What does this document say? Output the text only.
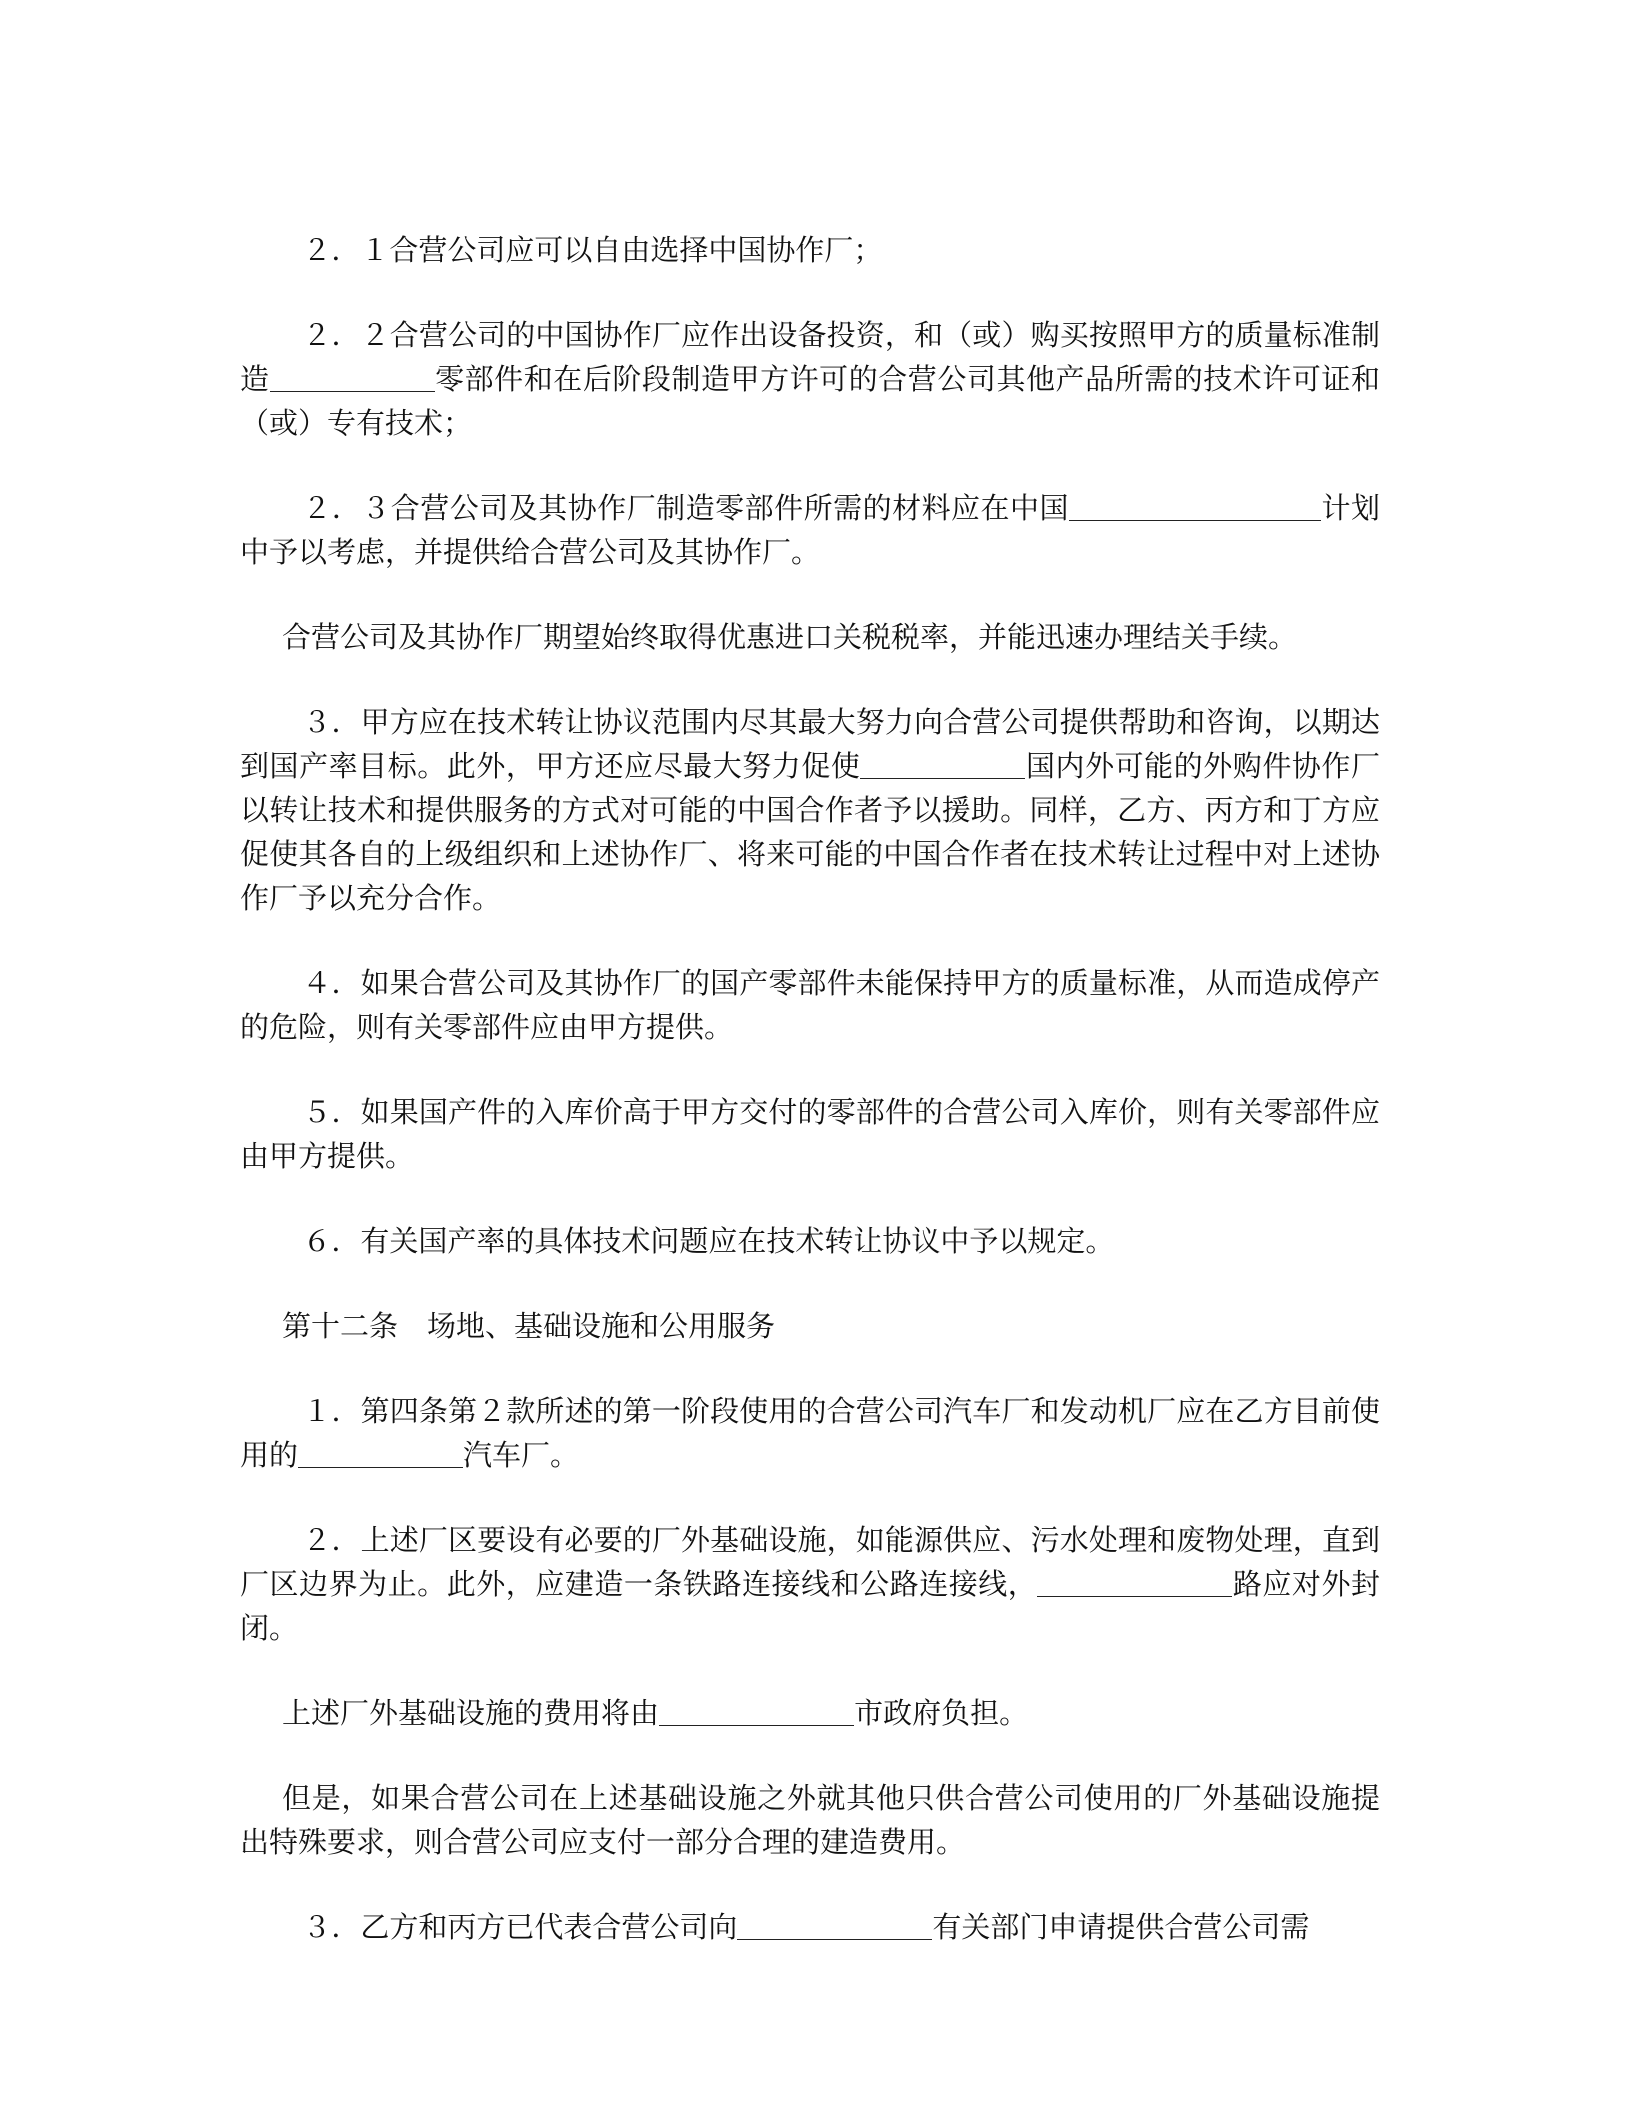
２．１合营公司应可以自由选择中国协作厂；

２．２合营公司的中国协作厂应作出设备投资，和（或）购买按照甲方的质量标准制造	零部件和在后阶段制造甲方许可的合营公司其他产品所需的技术许可证和（或）专有技术；

２．３合营公司及其协作厂制造零部件所需的材料应在中国	计划中予以考虑，并提供给合营公司及其协作厂。

合营公司及其协作厂期望始终取得优惠进口关税税率，并能迅速办理结关手续。

３．甲方应在技术转让协议范围内尽其最大努力向合营公司提供帮助和咨询，以期达到国产率目标。此外，甲方还应尽最大努力促使	国内外可能的外购件协作厂以转让技术和提供服务的方式对可能的中国合作者予以援助。同样，乙方、丙方和丁方应促使其各自的上级组织和上述协作厂、将来可能的中国合作者在技术转让过程中对上述协作厂予以充分合作。

４．如果合营公司及其协作厂的国产零部件未能保持甲方的质量标准，从而造成停产的危险，则有关零部件应由甲方提供。

５．如果国产件的入库价高于甲方交付的零部件的合营公司入库价，则有关零部件应由甲方提供。

６．有关国产率的具体技术问题应在技术转让协议中予以规定。

第十二条　场地、基础设施和公用服务

１．第四条第２款所述的第一阶段使用的合营公司汽车厂和发动机厂应在乙方目前使用的	汽车厂。

２．上述厂区要设有必要的厂外基础设施，如能源供应、污水处理和废物处理，直到厂区边界为止。此外，应建造一条铁路连接线和公路连接线，	路应对外封闭。

上述厂外基础设施的费用将由	市政府负担。

但是，如果合营公司在上述基础设施之外就其他只供合营公司使用的厂外基础设施提出特殊要求，则合营公司应支付一部分合理的建造费用。

３．乙方和丙方已代表合营公司向	有关部门申请提供合营公司需
